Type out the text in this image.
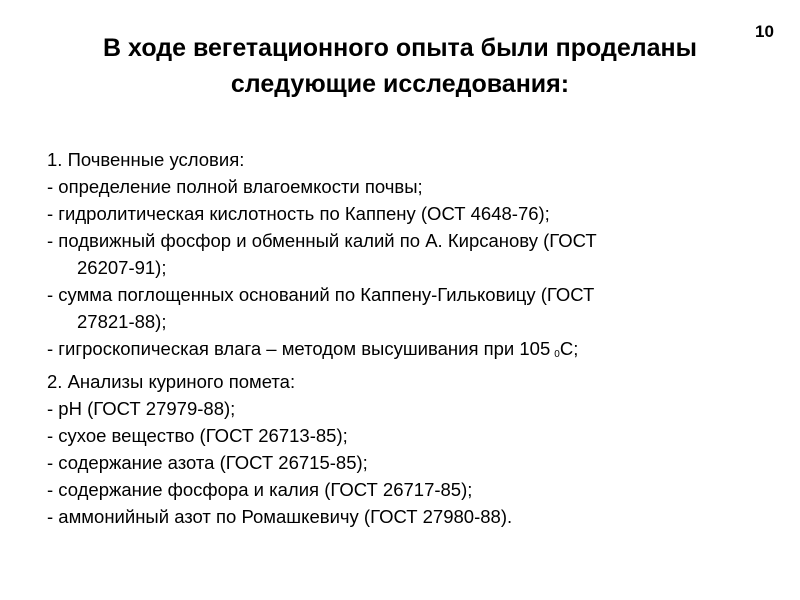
10
В ходе вегетационного опыта были проделаны
следующие исследования:
1. Почвенные условия:
- определение полной влагоемкости почвы;
- гидролитическая кислотность по Каппену (ОСТ 4648-76);
- подвижный фосфор и обменный калий по А. Кирсанову (ГОСТ
26207-91);
- сумма поглощенных оснований по Каппену-Гильковицу (ГОСТ
27821-88);
- гигроскопическая влага – методом высушивания при 105 $_0$С;
2. Анализы куриного помета:
- рН (ГОСТ 27979-88);
- сухое вещество (ГОСТ 26713-85);
- содержание азота (ГОСТ 26715-85);
- содержание фосфора и калия (ГОСТ 26717-85);
- аммонийный азот по Ромашкевичу (ГОСТ 27980-88).
